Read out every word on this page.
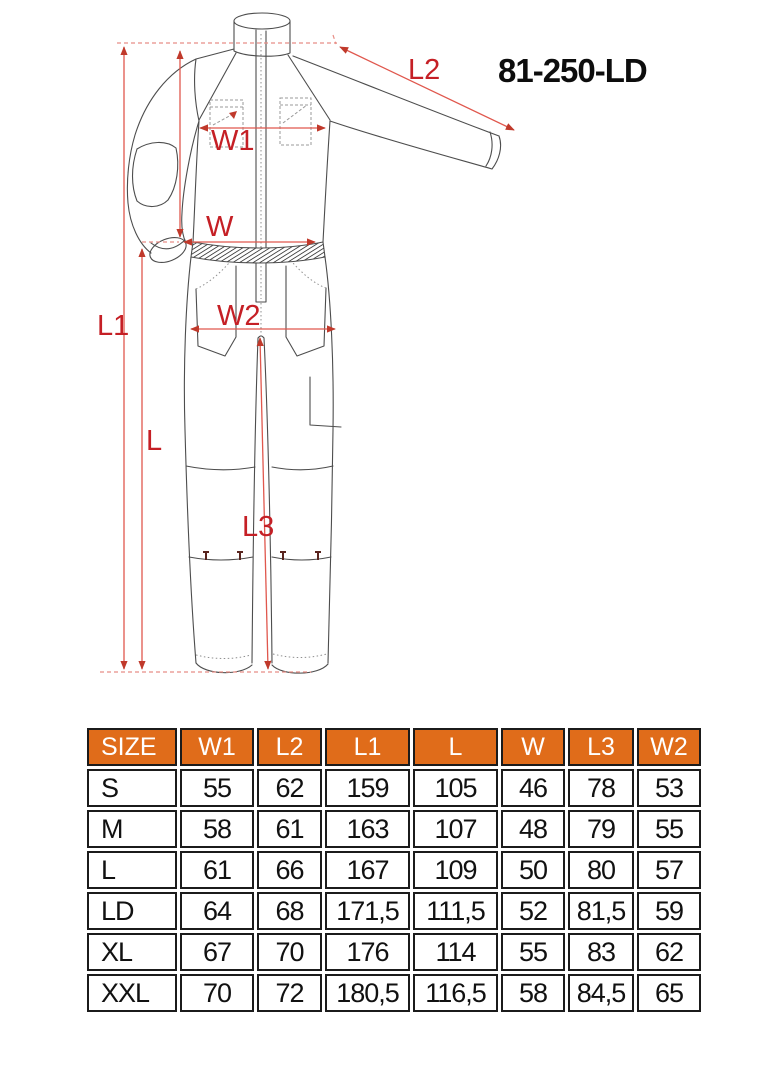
81-250-LD
L2
W1
W
W2
L1
L
L3
SIZE	W1	L2	L1	L	W	L3	W2
S	55	62	159	105	46	78	53
M	58	61	163	107	48	79	55
L	61	66	167	109	50	80	57
LD	64	68	171,5	111,5	52	81,5	59
XL	67	70	176	114	55	83	62
XXL	70	72	180,5	116,5	58	84,5	65
